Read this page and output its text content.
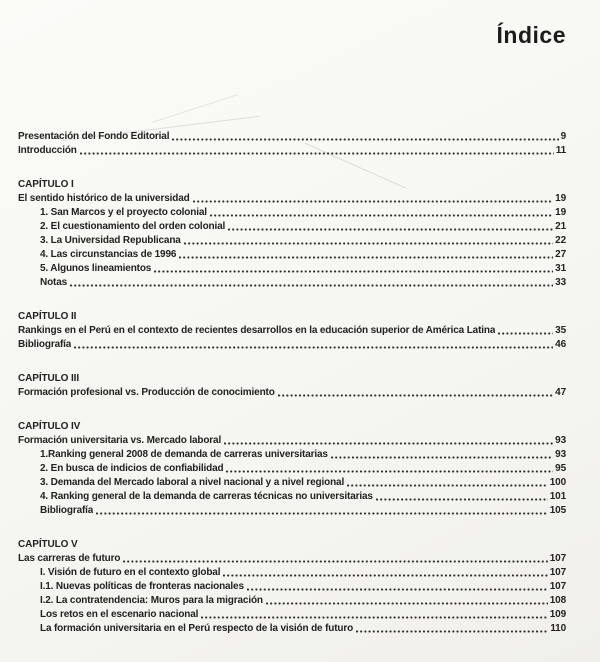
Índice
Presentación del Fondo Editorial	9
Introducción	11
CAPÍTULO I
El sentido histórico de la universidad	19
1. San Marcos y el proyecto colonial	19
2. El cuestionamiento del orden colonial	21
3. La Universidad Republicana	22
4. Las circunstancias de 1996	27
5. Algunos lineamientos	31
Notas	33
CAPÍTULO II
Rankings en el Perú en el contexto de recientes desarrollos en la educación superior de América Latina	35
Bibliografía	46
CAPÍTULO III
Formación profesional vs. Producción de conocimiento	47
CAPÍTULO IV
Formación universitaria vs. Mercado laboral	93
1.Ranking general 2008 de demanda de carreras universitarias	93
2. En busca de indicios de confiabilidad	95
3. Demanda del Mercado laboral a nivel nacional y a nivel regional	100
4. Ranking general de la demanda de carreras técnicas no universitarias	101
Bibliografía	105
CAPÍTULO V
Las carreras de futuro	107
I. Visión de futuro en el contexto global	107
I.1. Nuevas políticas de fronteras nacionales	107
I.2. La contratendencia: Muros para la migración	108
Los retos en el escenario nacional	109
La formación universitaria en el Perú respecto de la visión de futuro	110
